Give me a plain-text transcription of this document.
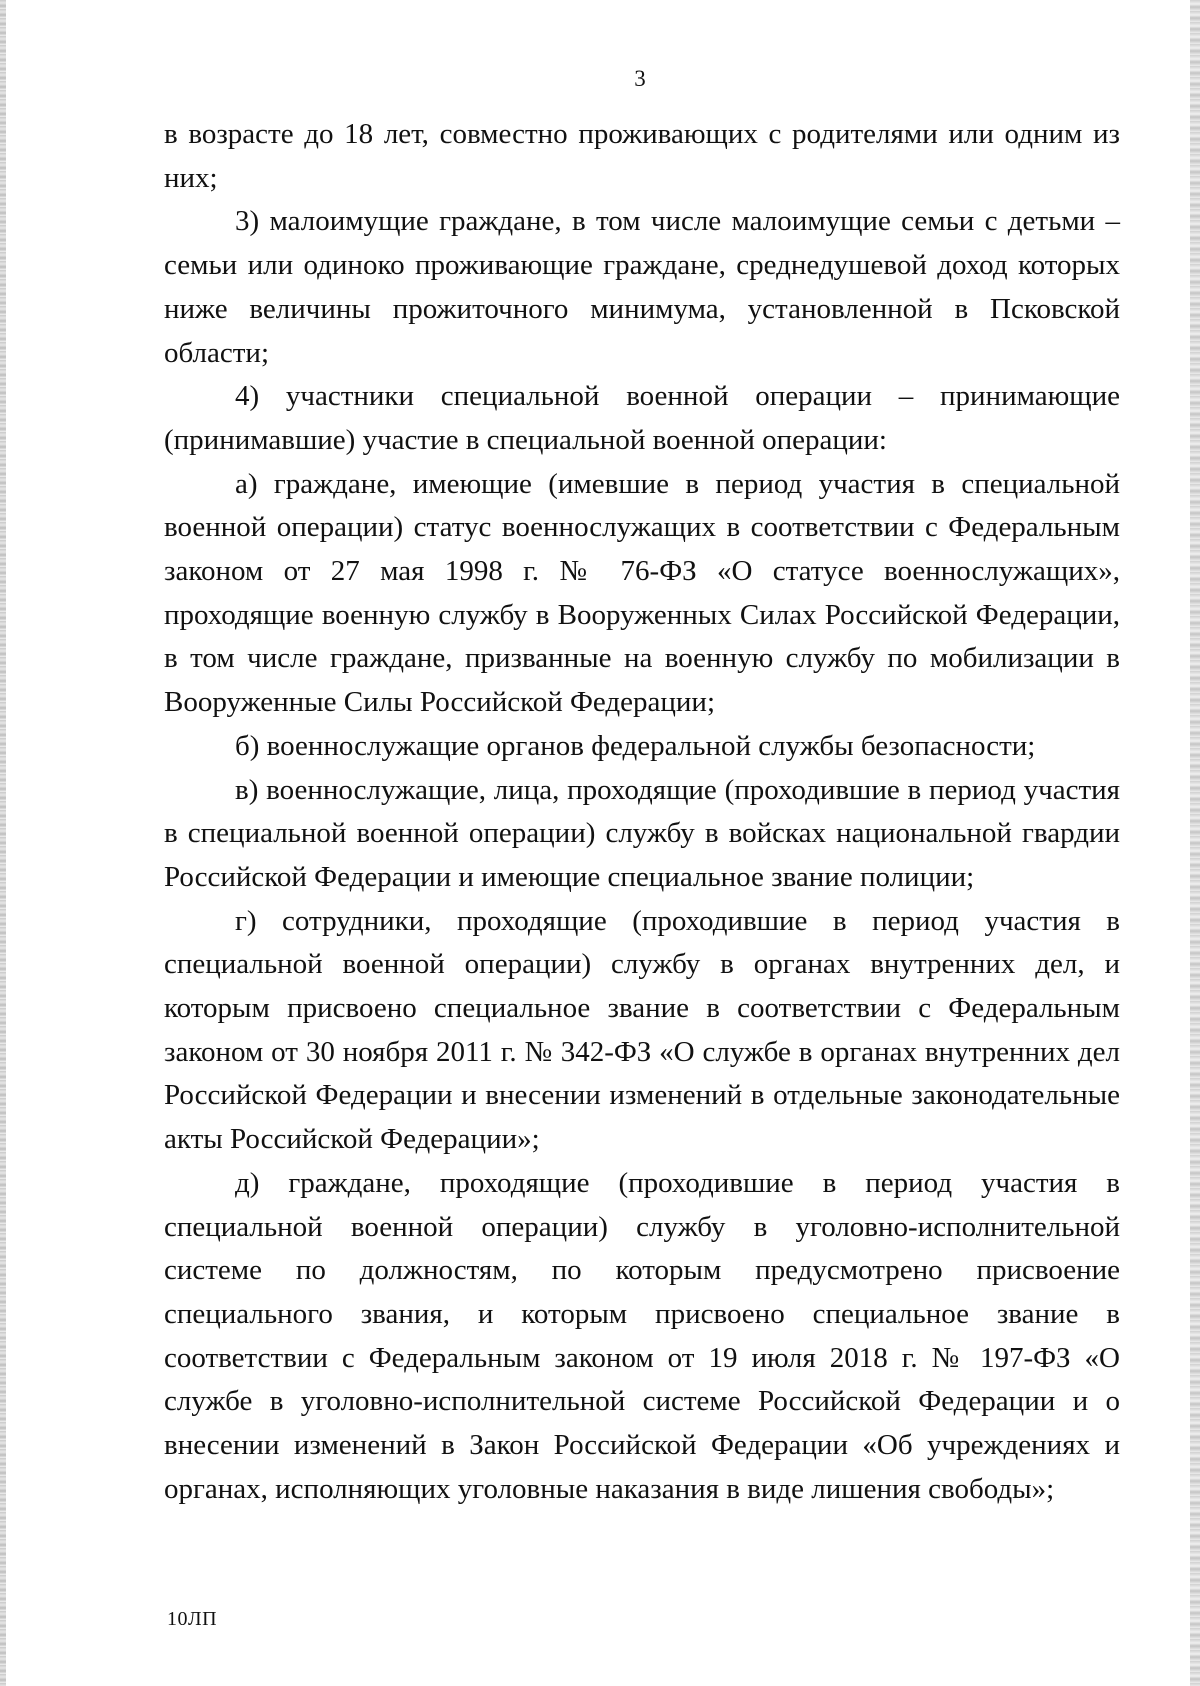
3

в возрасте до 18 лет, совместно проживающих с родителями или одним из них;

3) малоимущие граждане, в том числе малоимущие семьи с детьми – семьи или одиноко проживающие граждане, среднедушевой доход которых ниже величины прожиточного минимума, установленной в Псковской области;

4) участники специальной военной операции – принимающие (принимавшие) участие в специальной военной операции:

а) граждане, имеющие (имевшие в период участия в специальной военной операции) статус военнослужащих в соответствии с Федеральным законом от 27 мая 1998 г. № 76-ФЗ «О статусе военнослужащих», проходящие военную службу в Вооруженных Силах Российской Федерации, в том числе граждане, призванные на военную службу по мобилизации в Вооруженные Силы Российской Федерации;

б) военнослужащие органов федеральной службы безопасности;

в) военнослужащие, лица, проходящие (проходившие в период участия в специальной военной операции) службу в войсках национальной гвардии Российской Федерации и имеющие специальное звание полиции;

г) сотрудники, проходящие (проходившие в период участия в специальной военной операции) службу в органах внутренних дел, и которым присвоено специальное звание в соответствии с Федеральным законом от 30 ноября 2011 г. № 342-ФЗ «О службе в органах внутренних дел Российской Федерации и внесении изменений в отдельные законодательные акты Российской Федерации»;

д) граждане, проходящие (проходившие в период участия в специальной военной операции) службу в уголовно-исполнительной системе по должностям, по которым предусмотрено присвоение специального звания, и которым присвоено специальное звание в соответствии с Федеральным законом от 19 июля 2018 г. № 197-ФЗ «О службе в уголовно-исполнительной системе Российской Федерации и о внесении изменений в Закон Российской Федерации «Об учреждениях и органах, исполняющих уголовные наказания в виде лишения свободы»;

10ЛП
